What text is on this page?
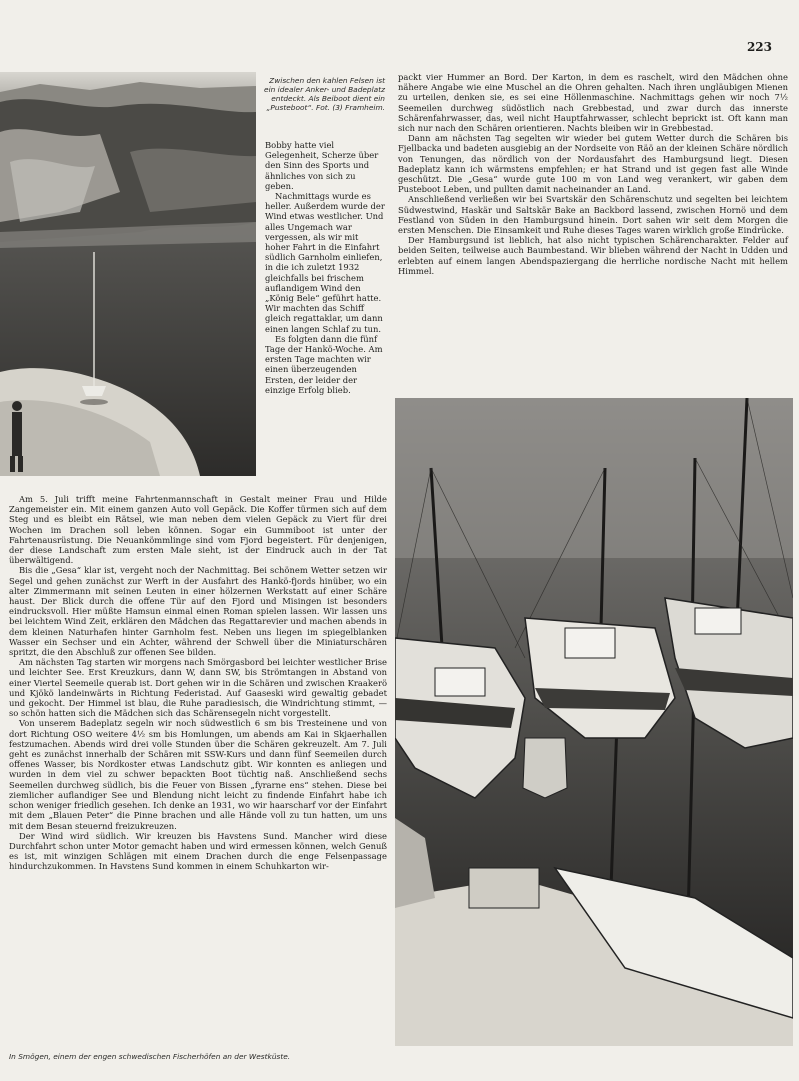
223
Zwischen den kahlen Felsen ist ein idealer Anker- und Badeplatz entdeckt. Als Beiboot dient ein „Pusteboot“. Fot. (3) Framheim.

Bobby hatte viel Gelegenheit, Scherze über den Sinn des Sports und ähnliches von sich zu geben.

Nachmittags wurde es heller. Außerdem wurde der Wind etwas westlicher. Und alles Ungemach war vergessen, als wir mit hoher Fahrt in die Einfahrt südlich Garnholm einliefen, in die ich zuletzt 1932 gleichfalls bei frischem auflandigem Wind den „König Bele“ geführt hatte. Wir machten das Schiff gleich regattaklar, um dann einen langen Schlaf zu tun.

Es folgten dann die fünf Tage der Hankö-Woche. Am ersten Tage machten wir einen überzeugenden Ersten, der leider der einzige Erfolg blieb.

packt vier Hummer an Bord. Der Karton, in dem es raschelt, wird den Mädchen ohne nähere Angabe wie eine Muschel an die Ohren gehalten. Nach ihren ungläubigen Mienen zu urteilen, denken sie, es sei eine Höllenmaschine. Nachmittags gehen wir noch 7½ Seemeilen durchweg südöstlich nach Grebbestad, und zwar durch das innerste Schärenfahrwasser, das, weil nicht Hauptfahrwasser, schlecht beprickt ist. Oft kann man sich nur nach den Schären orientieren. Nachts bleiben wir in Grebbestad.

Dann am nächsten Tag segelten wir wieder bei gutem Wetter durch die Schären bis Fjellbacka und badeten ausgiebig an der Nordseite von Räö an der kleinen Schäre nördlich von Tenungen, das nördlich von der Nordausfahrt des Hamburgsund liegt. Diesen Badeplatz kann ich wärmstens empfehlen; er hat Strand und ist gegen fast alle Winde geschützt. Die „Gesa“ wurde gute 100 m von Land weg verankert, wir gaben dem Pusteboot Leben, und pullten damit nacheinander an Land.

Anschließend verließen wir bei Svartskär den Schärenschutz und segelten bei leichtem Südwestwind, Haskär und Saltskär Bake an Backbord lassend, zwischen Hornö und dem Festland von Süden in den Hamburgsund hinein. Dort sahen wir seit dem Morgen die ersten Menschen. Die Einsamkeit und Ruhe dieses Tages waren wirklich große Eindrücke.

Der Hamburgsund ist lieblich, hat also nicht typischen Schärencharakter. Felder auf beiden Seiten, teilweise auch Baumbestand. Wir blieben während der Nacht in Udden und erlebten auf einem langen Abendspaziergang die herrliche nordische Nacht mit hellem Himmel.

Am 5. Juli trifft meine Fahrtenmannschaft in Gestalt meiner Frau und Hilde Zangemeister ein. Mit einem ganzen Auto voll Gepäck. Die Koffer türmen sich auf dem Steg und es bleibt ein Rätsel, wie man neben dem vielen Gepäck zu Viert für drei Wochen im Drachen soll leben können. Sogar ein Gummiboot ist unter der Fahrtenausrüstung. Die Neuankömmlinge sind vom Fjord begeistert. Für denjenigen, der diese Landschaft zum ersten Male sieht, ist der Eindruck auch in der Tat überwältigend.

Bis die „Gesa“ klar ist, vergeht noch der Nachmittag. Bei schönem Wetter setzen wir Segel und gehen zunächst zur Werft in der Ausfahrt des Hankö-fjords hinüber, wo ein alter Zimmermann mit seinen Leuten in einer hölzernen Werkstatt auf einer Schäre haust. Der Blick durch die offene Tür auf den Fjord und Misingen ist besonders eindrucksvoll. Hier müßte Hamsun einmal einen Roman spielen lassen. Wir lassen uns bei leichtem Wind Zeit, erklären den Mädchen das Regattarevier und machen abends in dem kleinen Naturhafen hinter Garnholm fest. Neben uns liegen im spiegelblanken Wasser ein Sechser und ein Achter, während der Schwell über die Miniaturschären spritzt, die den Abschluß zur offenen See bilden.

Am nächsten Tag starten wir morgens nach Smörgasbord bei leichter westlicher Brise und leichter See. Erst Kreuzkurs, dann W, dann SW, bis Strömtangen in Abstand von einer Viertel Seemeile querab ist. Dort gehen wir in die Schären und zwischen Kraakerö und Kjökö landeinwärts in Richtung Federistad. Auf Gaaseski wird gewaltig gebadet und gekocht. Der Himmel ist blau, die Ruhe paradiesisch, die Windrichtung stimmt, — so schön hatten sich die Mädchen sich das Schärensegeln nicht vorgestellt.

Von unserem Badeplatz segeln wir noch südwestlich 6 sm bis Tresteinene und von dort Richtung OSO weitere 4½ sm bis Homlungen, um abends am Kai in Skjaerhallen festzumachen. Abends wird drei volle Stunden über die Schären gekreuzelt. Am 7. Juli geht es zunächst innerhalb der Schären mit SSW-Kurs und dann fünf Seemeilen durch offenes Wasser, bis Nordkoster etwas Landschutz gibt. Wir konnten es anliegen und wurden in dem viel zu schwer bepackten Boot tüchtig naß. Anschließend sechs Seemeilen durchweg südlich, bis die Feuer von Bissen „fyrarne ens“ stehen. Diese bei ziemlicher auflandiger See und Blendung nicht leicht zu findende Einfahrt habe ich schon weniger friedlich gesehen. Ich denke an 1931, wo wir haarscharf vor der Einfahrt mit dem „Blauen Peter“ die Pinne brachen und alle Hände voll zu tun hatten, um uns mit dem Besan steuernd freizukreuzen.

Der Wind wird südlich. Wir kreuzen bis Havstens Sund. Mancher wird diese Durchfahrt schon unter Motor gemacht haben und wird ermessen können, welch Genuß es ist, mit winzigen Schlägen mit einem Drachen durch die enge Felsenpassage hindurchzukommen. In Havstens Sund kommen in einem Schuhkarton wir-

In Smögen, einem der engen schwedischen Fischerhöfen an der Westküste.
